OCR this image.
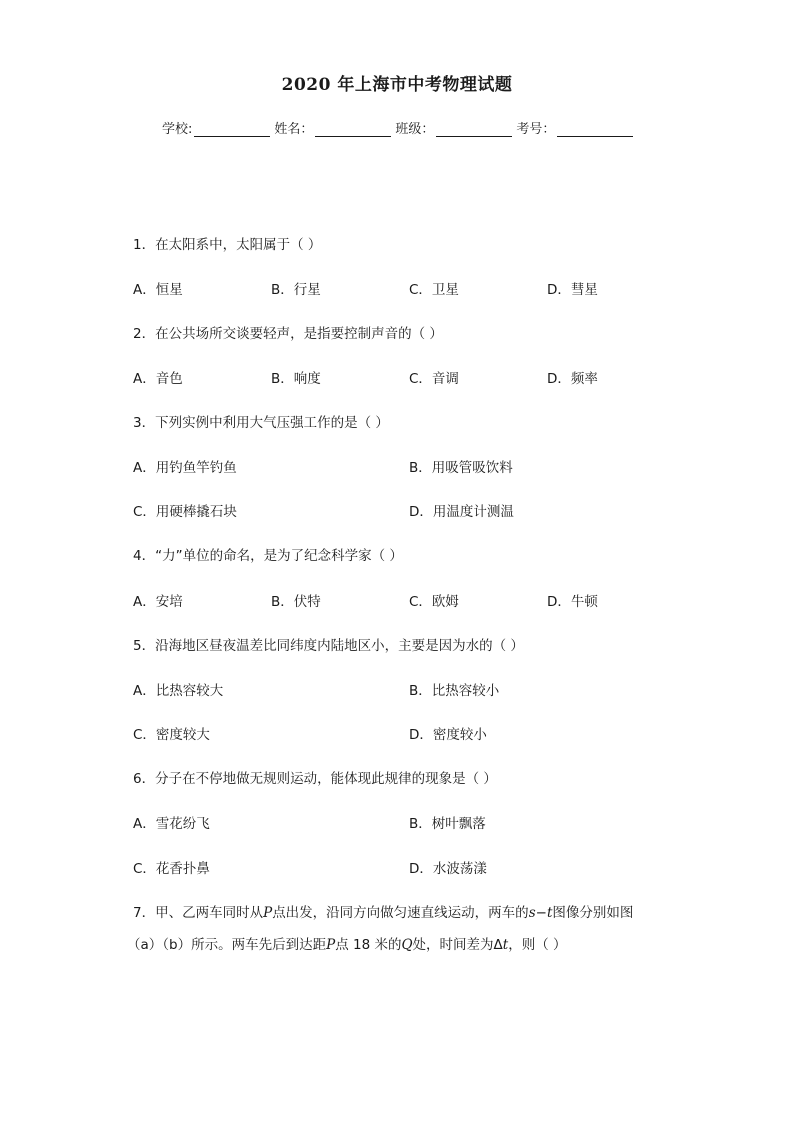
2020 年上海市中考物理试题
学校:	姓名：	班级：	考号：
1．在太阳系中，太阳属于（ ）
A．恒星	B．行星	C．卫星	D．彗星
2．在公共场所交谈要轻声，是指要控制声音的（ ）
A．音色	B．响度	C．音调	D．频率
3．下列实例中利用大气压强工作的是（ ）
A．用钓鱼竿钓鱼	B．用吸管吸饮料
C．用硬棒撬石块	D．用温度计测温
4．“力”单位的命名，是为了纪念科学家（ ）
A．安培	B．伏特	C．欧姆	D．牛顿
5．沿海地区昼夜温差比同纬度内陆地区小，主要是因为水的（ ）
A．比热容较大	B．比热容较小
C．密度较大	D．密度较小
6．分子在不停地做无规则运动，能体现此规律的现象是（ ）
A．雪花纷飞	B．树叶飘落
C．花香扑鼻	D．水波荡漾
7．甲、乙两车同时从P点出发，沿同方向做匀速直线运动，两车的s−t图像分别如图
（a）（b）所示。两车先后到达距P点 18 米的Q处，时间差为Δt，则（ ）
